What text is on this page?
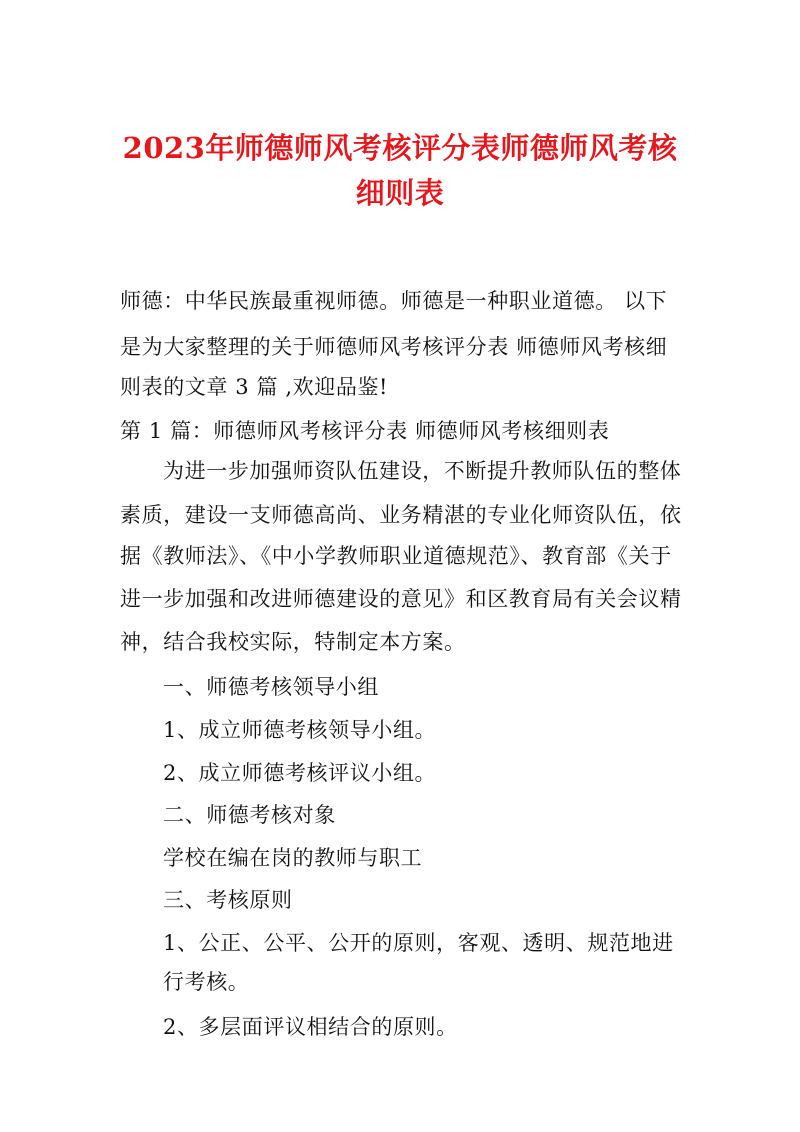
2023年师德师风考核评分表师德师风考核
细则表
师德：中华民族最重视师德。师德是一种职业道德。 以下
是为大家整理的关于师德师风考核评分表 师德师风考核细
则表的文章 3 篇 ,欢迎品鉴!
第 1 篇：师德师风考核评分表 师德师风考核细则表
为进一步加强师资队伍建设，不断提升教师队伍的整体
素质，建设一支师德高尚、业务精湛的专业化师资队伍，依
据《教师法》、《中小学教师职业道德规范》、教育部《关于
进一步加强和改进师德建设的意见》和区教育局有关会议精
神，结合我校实际，特制定本方案。
一、师德考核领导小组
1、成立师德考核领导小组。
2、成立师德考核评议小组。
二、师德考核对象
学校在编在岗的教师与职工
三、考核原则
1、公正、公平、公开的原则，客观、透明、规范地进
行考核。
2、多层面评议相结合的原则。
